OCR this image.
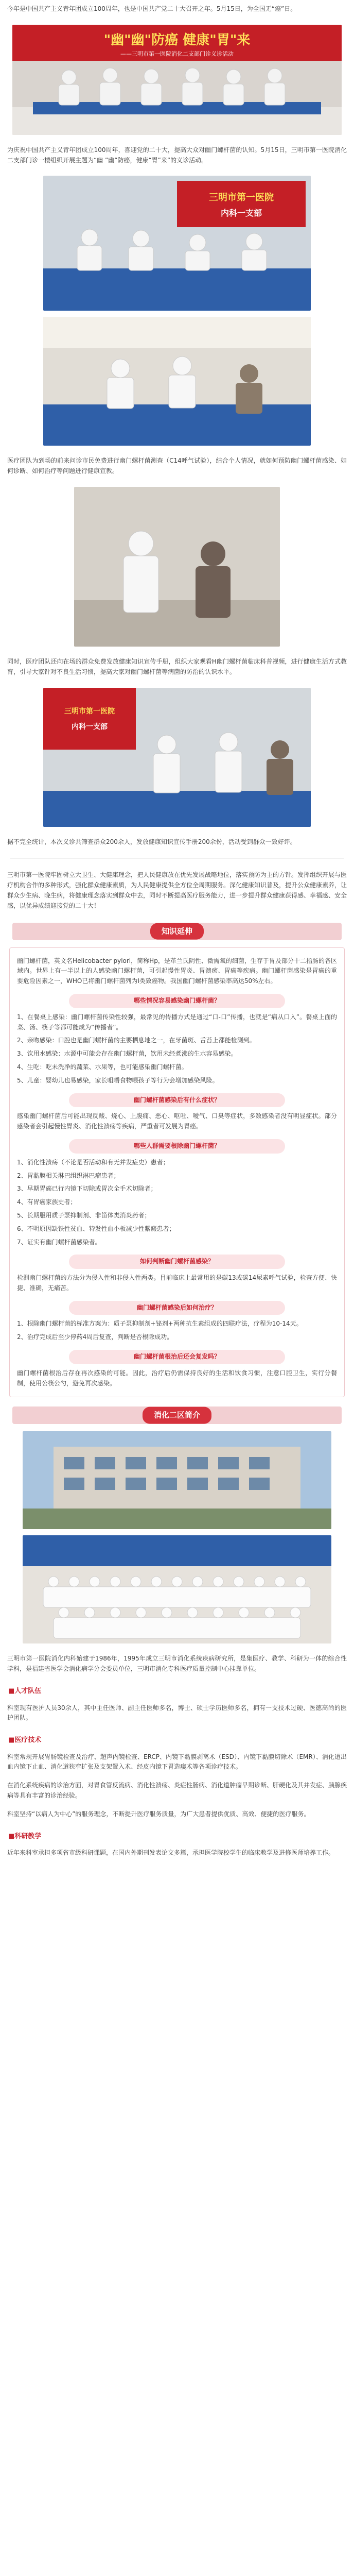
今年是中国共产主义青年团成立100周年，也是中国共产党二十大召开之年。5月15日，为全国无“癌”日。

"幽"幽"防癌 健康"胃"来
——三明市第一医院消化二支部门诊义诊活动

为庆祝中国共产主义青年团成立100周年，喜迎党的二十大，提高大众对幽门螺杆菌的认知。5月15日，三明市第一医院消化二支部门诊一楼组织开展主题为“幽 ”幽”防癌，健康“胃”来”的义诊活动。

三明市第一医院
内科一支部

医疗团队为到场的前来问诊市民免费进行幽门螺杆菌测查（C14呼气试验），结合个人情况，就如何预防幽门螺杆菌感染、如何诊断、如何治疗等问题进行健康宣教。

同时，医疗团队还向在场的群众免费发放健康知识宣传手册，组织大家观看H幽门螺杆菌临床科普视频，进行健康生活方式教育，引导大家针对不良生活习惯，提高大家对幽门螺杆菌等病菌的防治的认识水平。

三明市第一医院
内科一支部

据不完全统计，本次义诊共筛查群众200余人，发放健康知识宣传手册200余份，活动受到群众一致好评。

三明市第一医院牢固树立大卫生、大健康理念，把人民健康放在优先发展战略地位，落实预防为主的方针。发挥组织开展与医疗机构合作的多种形式，强化群众健康素质，为人民健康提供全方位全周期服务。深化健康知识普及，提升公众健康素养，让群众少生病、晚生病，将健康理念落实到群众中去，同时不断提高医疗服务能力，进一步提升群众健康获得感、幸福感、安全感，以优异成绩迎接党的二十大！

知识延伸

幽门螺杆菌，英文名Helicobacter pylori，简称Hp，是革兰氏阴性、微需氧的细菌，生存于胃及部分十二指肠的各区域内。世界上有一半以上的人感染幽门螺杆菌，可引起慢性胃炎、胃溃疡、胃癌等疾病。幽门螺杆菌感染是胃癌的重要危险因素之一，WHO已将幽门螺杆菌列为Ⅰ类致癌物。我国幽门螺杆菌感染率高达50%左右。

哪些情况容易感染幽门螺杆菌？

1、在餐桌上感染：幽门螺杆菌传染性较强，最常见的传播方式是通过“口-口”传播，也就是“病从口入”。餐桌上面的菜、汤、筷子等都可能成为“传播者”。

2、亲吻感染：口腔也是幽门螺杆菌的主要栖息地之一，在牙菌斑、舌苔上都能检测到。

3、饮用水感染：水源中可能会存在幽门螺杆菌，饮用未经煮沸的生水容易感染。

4、生吃：吃未洗净的蔬菜、水果等，也可能感染幽门螺杆菌。

5、儿童：婴幼儿也易感染，家长咀嚼食物喂孩子等行为会增加感染风险。

幽门螺杆菌感染后有什么症状？

感染幽门螺杆菌后可能出现反酸、烧心、上腹痛、恶心、呕吐、嗳气、口臭等症状，多数感染者没有明显症状。部分感染者会引起慢性胃炎、消化性溃疡等疾病，严重者可发展为胃癌。

哪些人群需要根除幽门螺杆菌？

1、消化性溃疡（不论是否活动和有无并发症史）患者；

2、胃黏膜相关淋巴组织淋巴瘤患者；

3、早期胃癌已行内镜下切除或胃次全手术切除者；

4、有胃癌家族史者；

5、长期服用质子泵抑制剂、非甾体类消炎药者；

6、不明原因缺铁性贫血、特发性血小板减少性紫癜患者；

7、证实有幽门螺杆菌感染者。

如何判断幽门螺杆菌感染？

检测幽门螺杆菌的方法分为侵入性和非侵入性两类。目前临床上最常用的是碳13或碳14尿素呼气试验，检查方便、快捷、准确，无痛苦。

幽门螺杆菌感染后如何治疗？

1、根除幽门螺杆菌的标准方案为：质子泵抑制剂+铋剂+两种抗生素组成的四联疗法，疗程为10-14天。

2、治疗完成后至少停药4周后复查，判断是否根除成功。

幽门螺杆菌根治后还会复发吗？

幽门螺杆菌根治后存在再次感染的可能。因此，治疗后仍需保持良好的生活和饮食习惯，注意口腔卫生，实行分餐制，使用公筷公勺，避免再次感染。

消化二区简介

三明市第一医院消化内科始建于1986年，1995年成立三明市消化系统疾病研究所，是集医疗、教学、科研为一体的综合性学科，是福建省医学会消化病学分会委员单位，三明市消化专科医疗质量控制中心挂靠单位。

■ 人才队伍

科室现有医护人员30余人，其中主任医师、副主任医师多名，博士、硕士学历医师多名，拥有一支技术过硬、医德高尚的医护团队。

■ 医疗技术

科室常规开展胃肠镜检查及治疗、超声内镜检查、ERCP、内镜下黏膜剥离术（ESD）、内镜下黏膜切除术（EMR）、消化道出血内镜下止血、消化道狭窄扩张及支架置入术、经皮内镜下胃造瘘术等各项诊疗技术。

在消化系统疾病的诊治方面，对胃食管反流病、消化性溃疡、炎症性肠病、消化道肿瘤早期诊断、肝硬化及其并发症、胰腺疾病等具有丰富的诊治经验。

科室坚持“以病人为中心”的服务理念，不断提升医疗服务质量，为广大患者提供优质、高效、便捷的医疗服务。

■ 科研教学

近年来科室承担多项省市级科研课题，在国内外期刊发表论文多篇，承担医学院校学生的临床教学及进修医师培养工作。
